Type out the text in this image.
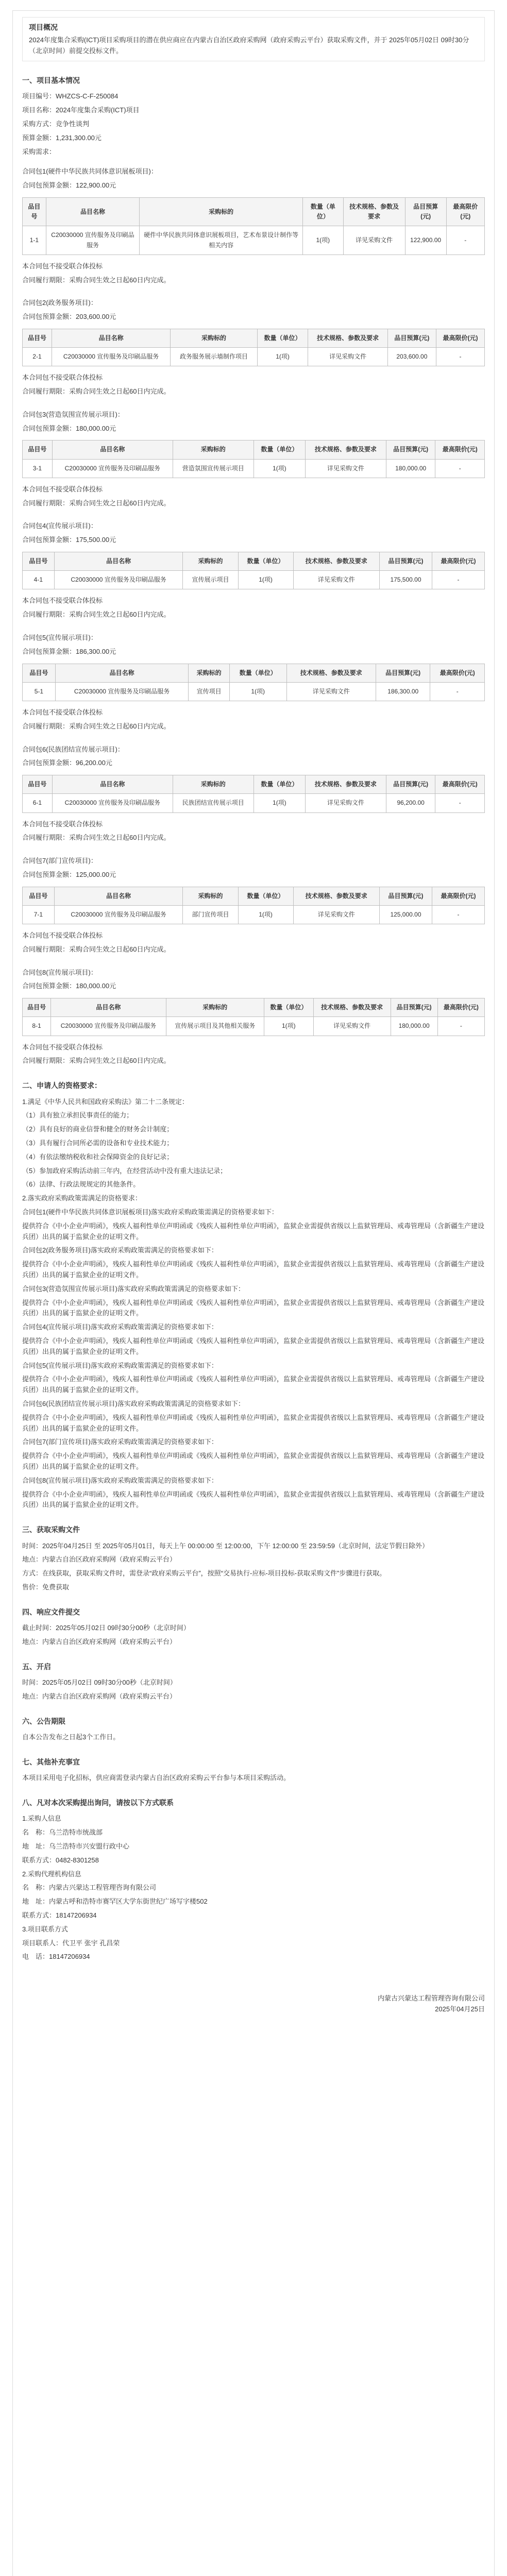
项目概况
2024年度集合采购(ICT)项目采购项目的潜在供应商应在内蒙古自治区政府采购网（政府采购云平台）获取采购文件，并于 2025年05月02日 09时30分（北京时间）前提交投标文件。
一、项目基本情况

项目编号：WHZCS-C-F-250084

项目名称：2024年度集合采购(ICT)项目

采购方式：竞争性谈判

预算金额：1,231,300.00元

采购需求：

合同包1(硬件中华民族共同体意识展板项目)：

合同包预算金额：122,900.00元

品目号	品目名称	采购标的	数量（单位）	技术规格、参数及要求	品目预算(元)	最高限价(元)
1-1	C20030000 宣传服务及印刷品服务	硬件中华民族共同体意识展板项目，艺术布景设计制作等相关内容	1(项)	详见采购文件	122,900.00	-

本合同包不接受联合体投标

合同履行期限：采购合同生效之日起60日内完成。

合同包2(政务服务项目)：

合同包预算金额：203,600.00元

品目号	品目名称	采购标的	数量（单位）	技术规格、参数及要求	品目预算(元)	最高限价(元)
2-1	C20030000 宣传服务及印刷品服务	政务服务展示墙制作项目	1(项)	详见采购文件	203,600.00	-

本合同包不接受联合体投标

合同履行期限：采购合同生效之日起60日内完成。

合同包3(营造氛围宣传展示项目)：

合同包预算金额：180,000.00元

品目号	品目名称	采购标的	数量（单位）	技术规格、参数及要求	品目预算(元)	最高限价(元)
3-1	C20030000 宣传服务及印刷品服务	营造氛围宣传展示项目	1(项)	详见采购文件	180,000.00	-

本合同包不接受联合体投标

合同履行期限：采购合同生效之日起60日内完成。

合同包4(宣传展示项目)：

合同包预算金额：175,500.00元

品目号	品目名称	采购标的	数量（单位）	技术规格、参数及要求	品目预算(元)	最高限价(元)
4-1	C20030000 宣传服务及印刷品服务	宣传展示项目	1(项)	详见采购文件	175,500.00	-

本合同包不接受联合体投标

合同履行期限：采购合同生效之日起60日内完成。

合同包5(宣传展示项目)：

合同包预算金额：186,300.00元

品目号	品目名称	采购标的	数量（单位）	技术规格、参数及要求	品目预算(元)	最高限价(元)
5-1	C20030000 宣传服务及印刷品服务	宣传项目	1(项)	详见采购文件	186,300.00	-

本合同包不接受联合体投标

合同履行期限：采购合同生效之日起60日内完成。

合同包6(民族团结宣传展示项目)：

合同包预算金额：96,200.00元

品目号	品目名称	采购标的	数量（单位）	技术规格、参数及要求	品目预算(元)	最高限价(元)
6-1	C20030000 宣传服务及印刷品服务	民族团结宣传展示项目	1(项)	详见采购文件	96,200.00	-

本合同包不接受联合体投标

合同履行期限：采购合同生效之日起60日内完成。

合同包7(部门宣传项目)：

合同包预算金额：125,000.00元

品目号	品目名称	采购标的	数量（单位）	技术规格、参数及要求	品目预算(元)	最高限价(元)
7-1	C20030000 宣传服务及印刷品服务	部门宣传项目	1(项)	详见采购文件	125,000.00	-

本合同包不接受联合体投标

合同履行期限：采购合同生效之日起60日内完成。

合同包8(宣传展示项目)：

合同包预算金额：180,000.00元

品目号	品目名称	采购标的	数量（单位）	技术规格、参数及要求	品目预算(元)	最高限价(元)
8-1	C20030000 宣传服务及印刷品服务	宣传展示项目及其他相关服务	1(项)	详见采购文件	180,000.00	-

本合同包不接受联合体投标

合同履行期限：采购合同生效之日起60日内完成。

二、申请人的资格要求：

1.满足《中华人民共和国政府采购法》第二十二条规定：

（1）具有独立承担民事责任的能力；

（2）具有良好的商业信誉和健全的财务会计制度；

（3）具有履行合同所必需的设备和专业技术能力；

（4）有依法缴纳税收和社会保障资金的良好记录；

（5）参加政府采购活动前三年内，在经营活动中没有重大违法记录；

（6）法律、行政法规规定的其他条件。

2.落实政府采购政策需满足的资格要求：

合同包1(硬件中华民族共同体意识展板项目)落实政府采购政策需满足的资格要求如下：

提供符合《中小企业声明函》，残疾人福利性单位声明函或《残疾人福利性单位声明函》，监狱企业需提供省级以上监狱管理局、戒毒管理局（含新疆生产建设兵团）出具的属于监狱企业的证明文件。

合同包2(政务服务项目)落实政府采购政策需满足的资格要求如下：

提供符合《中小企业声明函》，残疾人福利性单位声明函或《残疾人福利性单位声明函》，监狱企业需提供省级以上监狱管理局、戒毒管理局（含新疆生产建设兵团）出具的属于监狱企业的证明文件。

合同包3(营造氛围宣传展示项目)落实政府采购政策需满足的资格要求如下：

提供符合《中小企业声明函》，残疾人福利性单位声明函或《残疾人福利性单位声明函》，监狱企业需提供省级以上监狱管理局、戒毒管理局（含新疆生产建设兵团）出具的属于监狱企业的证明文件。

合同包4(宣传展示项目)落实政府采购政策需满足的资格要求如下：

提供符合《中小企业声明函》，残疾人福利性单位声明函或《残疾人福利性单位声明函》，监狱企业需提供省级以上监狱管理局、戒毒管理局（含新疆生产建设兵团）出具的属于监狱企业的证明文件。

合同包5(宣传展示项目)落实政府采购政策需满足的资格要求如下：

提供符合《中小企业声明函》，残疾人福利性单位声明函或《残疾人福利性单位声明函》，监狱企业需提供省级以上监狱管理局、戒毒管理局（含新疆生产建设兵团）出具的属于监狱企业的证明文件。

合同包6(民族团结宣传展示项目)落实政府采购政策需满足的资格要求如下：

提供符合《中小企业声明函》，残疾人福利性单位声明函或《残疾人福利性单位声明函》，监狱企业需提供省级以上监狱管理局、戒毒管理局（含新疆生产建设兵团）出具的属于监狱企业的证明文件。

合同包7(部门宣传项目)落实政府采购政策需满足的资格要求如下：

提供符合《中小企业声明函》，残疾人福利性单位声明函或《残疾人福利性单位声明函》，监狱企业需提供省级以上监狱管理局、戒毒管理局（含新疆生产建设兵团）出具的属于监狱企业的证明文件。

合同包8(宣传展示项目)落实政府采购政策需满足的资格要求如下：

提供符合《中小企业声明函》，残疾人福利性单位声明函或《残疾人福利性单位声明函》，监狱企业需提供省级以上监狱管理局、戒毒管理局（含新疆生产建设兵团）出具的属于监狱企业的证明文件。

三、获取采购文件

时间：2025年04月25日 至 2025年05月01日，每天上午 00:00:00 至 12:00:00，下午 12:00:00 至 23:59:59（北京时间，法定节假日除外）

地点：内蒙古自治区政府采购网（政府采购云平台）

方式：在线获取，获取采购文件时，需登录“政府采购云平台”，按照“交易执行-应标-项目投标-获取采购文件”步骤进行获取。

售价：免费获取

四、响应文件提交

截止时间：2025年05月02日 09时30分00秒（北京时间）

地点：内蒙古自治区政府采购网（政府采购云平台）

五、开启

时间：2025年05月02日 09时30分00秒（北京时间）

地点：内蒙古自治区政府采购网（政府采购云平台）

六、公告期限

自本公告发布之日起3个工作日。

七、其他补充事宜

本项目采用电子化招标，供应商需登录内蒙古自治区政府采购云平台参与本项目采购活动。

八、凡对本次采购提出询问，请按以下方式联系

1.采购人信息

名　称：乌兰浩特市统战部

地　址：乌兰浩特市兴安盟行政中心

联系方式：0482-8301258

2.采购代理机构信息

名　称：内蒙古兴蒙达工程管理咨询有限公司

地　址：内蒙古呼和浩特市赛罕区大学东街世纪广场写字楼502

联系方式：18147206934

3.项目联系方式

项目联系人：代卫平 张宇 孔昌荣

电　话：18147206934

内蒙古兴蒙达工程管理咨询有限公司
2025年04月25日
